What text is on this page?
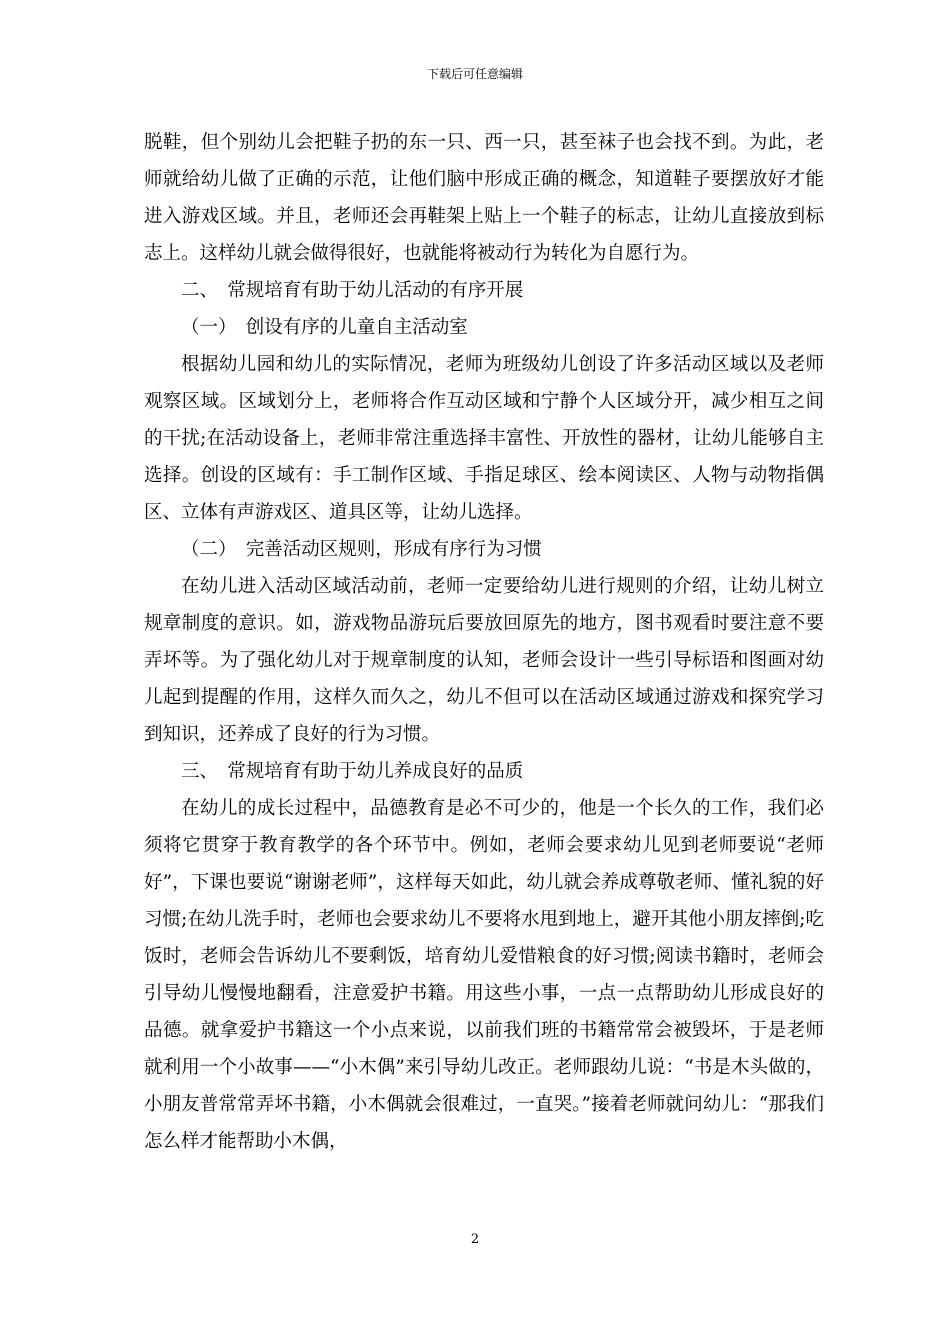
下载后可任意编辑

脱鞋，但个别幼儿会把鞋子扔的东一只、西一只，甚至袜子也会找不到。为此，老师就给幼儿做了正确的示范，让他们脑中形成正确的概念，知道鞋子要摆放好才能进入游戏区域。并且，老师还会再鞋架上贴上一个鞋子的标志，让幼儿直接放到标志上。这样幼儿就会做得很好，也就能将被动行为转化为自愿行为。

二、　常规培育有助于幼儿活动的有序开展

（一）　创设有序的儿童自主活动室

根据幼儿园和幼儿的实际情况，老师为班级幼儿创设了许多活动区域以及老师观察区域。区域划分上，老师将合作互动区域和宁静个人区域分开，减少相互之间的干扰;在活动设备上，老师非常注重选择丰富性、开放性的器材，让幼儿能够自主选择。创设的区域有：手工制作区域、手指足球区、绘本阅读区、人物与动物指偶区、立体有声游戏区、道具区等，让幼儿选择。

（二）　完善活动区规则，形成有序行为习惯

在幼儿进入活动区域活动前，老师一定要给幼儿进行规则的介绍，让幼儿树立规章制度的意识。如，游戏物品游玩后要放回原先的地方，图书观看时要注意不要弄坏等。为了强化幼儿对于规章制度的认知，老师会设计一些引导标语和图画对幼儿起到提醒的作用，这样久而久之，幼儿不但可以在活动区域通过游戏和探究学习到知识，还养成了良好的行为习惯。

三、　常规培育有助于幼儿养成良好的品质

在幼儿的成长过程中，品德教育是必不可少的，他是一个长久的工作，我们必须将它贯穿于教育教学的各个环节中。例如，老师会要求幼儿见到老师要说“老师好”，下课也要说“谢谢老师”，这样每天如此，幼儿就会养成尊敬老师、懂礼貌的好习惯;在幼儿洗手时，老师也会要求幼儿不要将水甩到地上，避开其他小朋友摔倒;吃饭时，老师会告诉幼儿不要剩饭，培育幼儿爱惜粮食的好习惯;阅读书籍时，老师会引导幼儿慢慢地翻看，注意爱护书籍。用这些小事，一点一点帮助幼儿形成良好的品德。就拿爱护书籍这一个小点来说，以前我们班的书籍常常会被毁坏，于是老师就利用一个小故事——“小木偶”来引导幼儿改正。老师跟幼儿说：“书是木头做的，小朋友普常常弄坏书籍，小木偶就会很难过，一直哭。”接着老师就问幼儿：“那我们怎么样才能帮助小木偶，

2
